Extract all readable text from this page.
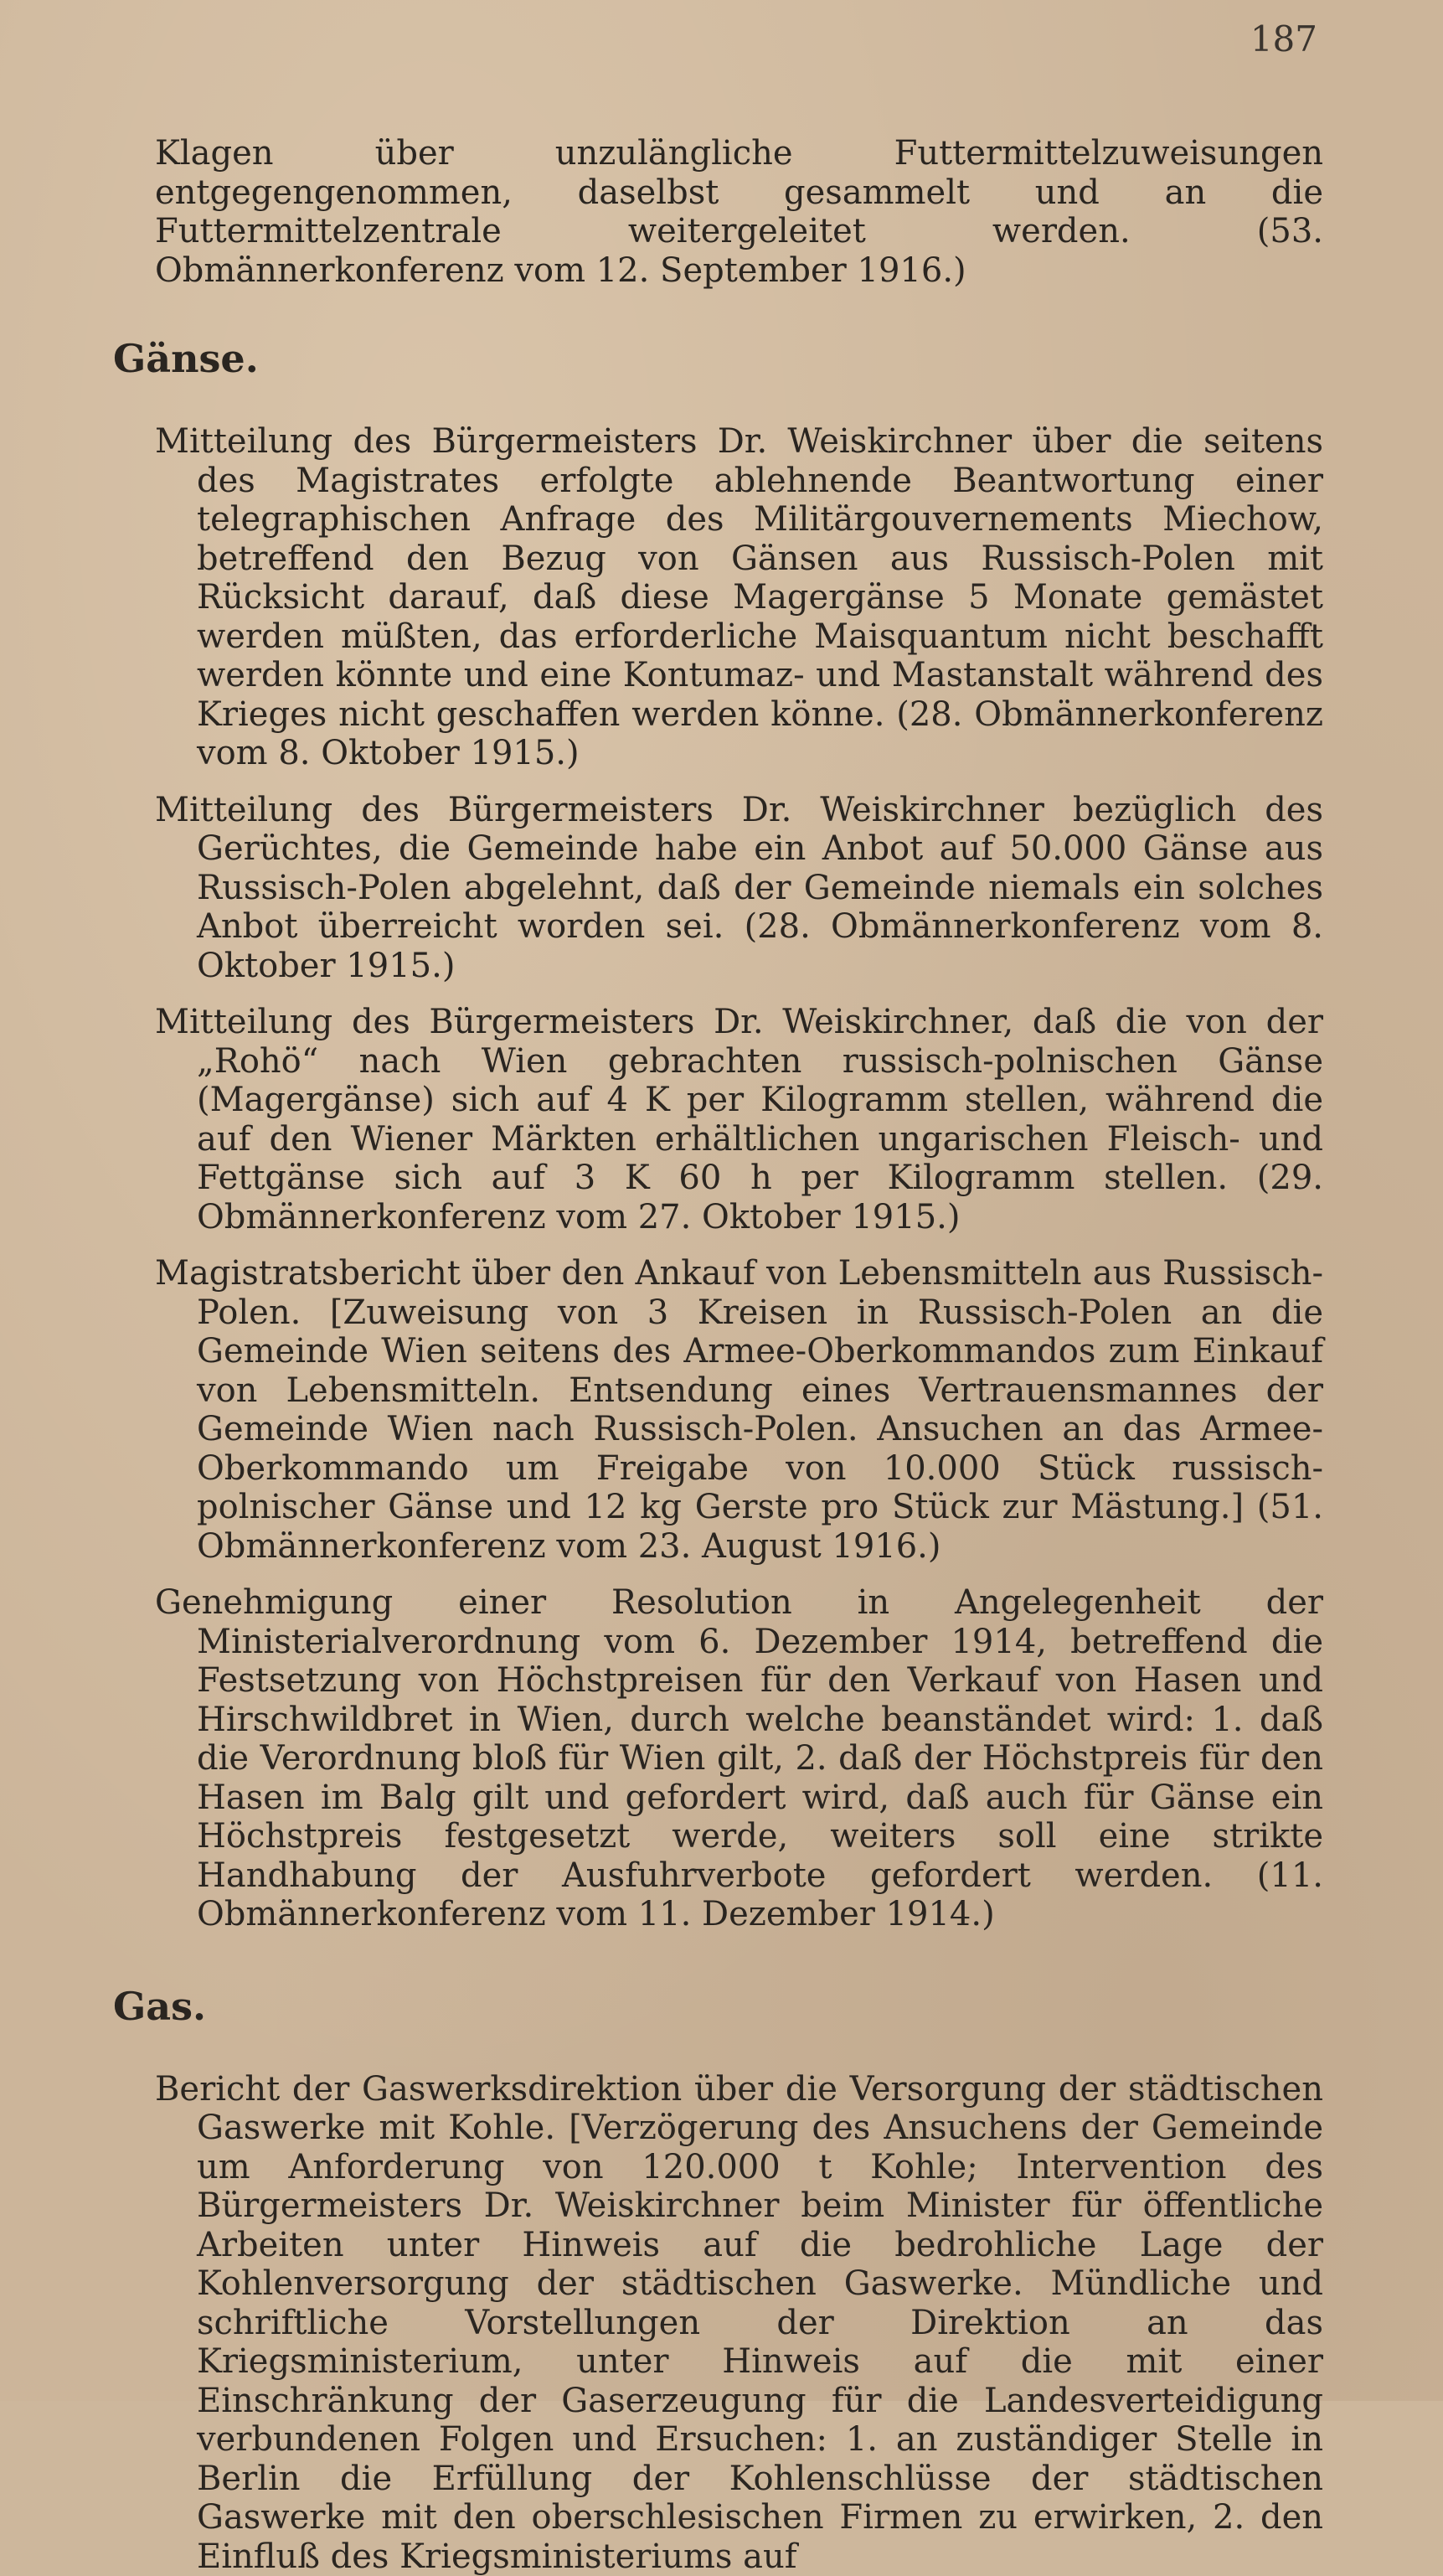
187

Klagen über unzulängliche Futtermittelzuweisungen entgegengenommen, daselbst gesammelt und an die Futtermittelzentrale weitergeleitet werden. (53. Obmännerkonferenz vom 12. September 1916.)

Gänse.

Mitteilung des Bürgermeisters Dr. Weiskirchner über die seitens des Magistrates erfolgte ablehnende Beantwortung einer telegraphischen Anfrage des Militärgouvernements Miechow, betreffend den Bezug von Gänsen aus Russisch-Polen mit Rücksicht darauf, daß diese Magergänse 5 Monate gemästet werden müßten, das erforderliche Maisquantum nicht beschafft werden könnte und eine Kontumaz- und Mastanstalt während des Krieges nicht geschaffen werden könne. (28. Obmännerkonferenz vom 8. Oktober 1915.)

Mitteilung des Bürgermeisters Dr. Weiskirchner bezüglich des Gerüchtes, die Gemeinde habe ein Anbot auf 50.000 Gänse aus Russisch-Polen abgelehnt, daß der Gemeinde niemals ein solches Anbot überreicht worden sei. (28. Obmännerkonferenz vom 8. Oktober 1915.)

Mitteilung des Bürgermeisters Dr. Weiskirchner, daß die von der „Rohö“ nach Wien gebrachten russisch-polnischen Gänse (Magergänse) sich auf 4 K per Kilogramm stellen, während die auf den Wiener Märkten erhältlichen ungarischen Fleisch- und Fettgänse sich auf 3 K 60 h per Kilogramm stellen. (29. Obmännerkonferenz vom 27. Oktober 1915.)

Magistratsbericht über den Ankauf von Lebensmitteln aus Russisch-Polen. [Zuweisung von 3 Kreisen in Russisch-Polen an die Gemeinde Wien seitens des Armee-Oberkommandos zum Einkauf von Lebensmitteln. Entsendung eines Vertrauensmannes der Gemeinde Wien nach Russisch-Polen. Ansuchen an das Armee-Oberkommando um Freigabe von 10.000 Stück russisch-polnischer Gänse und 12 kg Gerste pro Stück zur Mästung.] (51. Obmännerkonferenz vom 23. August 1916.)

Genehmigung einer Resolution in Angelegenheit der Ministerialverordnung vom 6. Dezember 1914, betreffend die Festsetzung von Höchstpreisen für den Verkauf von Hasen und Hirschwildbret in Wien, durch welche beanständet wird: 1. daß die Verordnung bloß für Wien gilt, 2. daß der Höchstpreis für den Hasen im Balg gilt und gefordert wird, daß auch für Gänse ein Höchstpreis festgesetzt werde, weiters soll eine strikte Handhabung der Ausfuhrverbote gefordert werden. (11. Obmännerkonferenz vom 11. Dezember 1914.)

Gas.

Bericht der Gaswerksdirektion über die Versorgung der städtischen Gaswerke mit Kohle. [Verzögerung des Ansuchens der Gemeinde um Anforderung von 120.000 t Kohle; Intervention des Bürgermeisters Dr. Weiskirchner beim Minister für öffentliche Arbeiten unter Hinweis auf die bedrohliche Lage der Kohlenversorgung der städtischen Gaswerke. Mündliche und schriftliche Vorstellungen der Direktion an das Kriegsministerium, unter Hinweis auf die mit einer Einschränkung der Gaserzeugung für die Landesverteidigung verbundenen Folgen und Ersuchen: 1. an zuständiger Stelle in Berlin die Erfüllung der Kohlenschlüsse der städtischen Gaswerke mit den oberschlesischen Firmen zu erwirken, 2. den Einfluß des Kriegsministeriums auf
